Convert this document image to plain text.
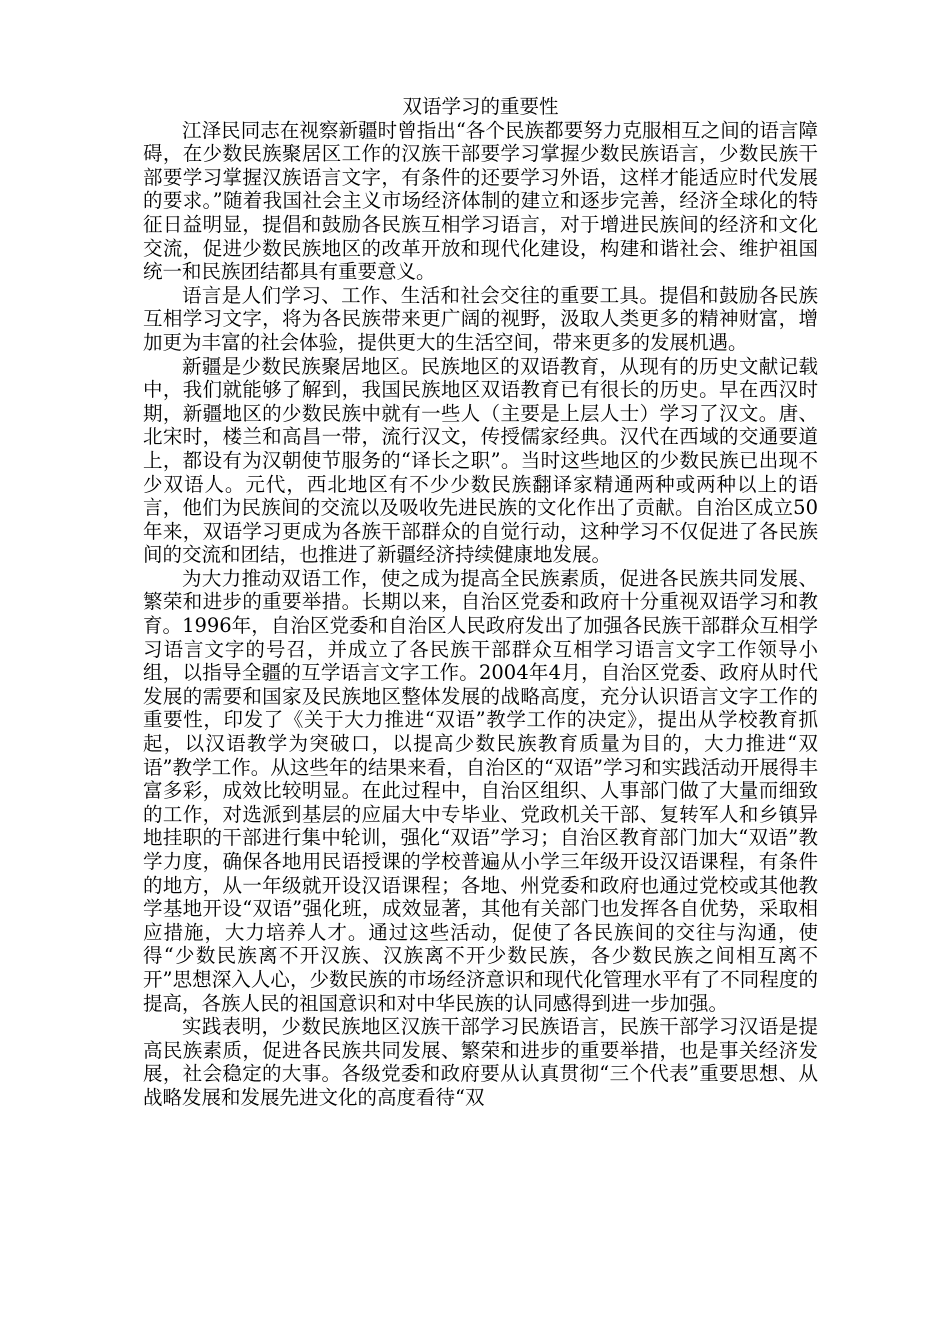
双语学习的重要性

江泽民同志在视察新疆时曾指出“各个民族都要努力克服相互之间的语言障碍，在少数民族聚居区工作的汉族干部要学习掌握少数民族语言，少数民族干部要学习掌握汉族语言文字，有条件的还要学习外语，这样才能适应时代发展的要求。”随着我国社会主义市场经济体制的建立和逐步完善，经济全球化的特征日益明显，提倡和鼓励各民族互相学习语言，对于增进民族间的经济和文化交流，促进少数民族地区的改革开放和现代化建设，构建和谐社会、维护祖国统一和民族团结都具有重要意义。

语言是人们学习、工作、生活和社会交往的重要工具。提倡和鼓励各民族互相学习文字，将为各民族带来更广阔的视野，汲取人类更多的精神财富，增加更为丰富的社会体验，提供更大的生活空间，带来更多的发展机遇。

新疆是少数民族聚居地区。民族地区的双语教育，从现有的历史文献记载中，我们就能够了解到，我国民族地区双语教育已有很长的历史。早在西汉时期，新疆地区的少数民族中就有一些人（主要是上层人士）学习了汉文。唐、北宋时，楼兰和高昌一带，流行汉文，传授儒家经典。汉代在西域的交通要道上，都设有为汉朝使节服务的“译长之职”。当时这些地区的少数民族已出现不少双语人。元代，西北地区有不少少数民族翻译家精通两种或两种以上的语言，他们为民族间的交流以及吸收先进民族的文化作出了贡献。自治区成立50年来，双语学习更成为各族干部群众的自觉行动，这种学习不仅促进了各民族间的交流和团结，也推进了新疆经济持续健康地发展。

为大力推动双语工作，使之成为提高全民族素质，促进各民族共同发展、繁荣和进步的重要举措。长期以来，自治区党委和政府十分重视双语学习和教育。1996年，自治区党委和自治区人民政府发出了加强各民族干部群众互相学习语言文字的号召，并成立了各民族干部群众互相学习语言文字工作领导小组，以指导全疆的互学语言文字工作。2004年4月，自治区党委、政府从时代发展的需要和国家及民族地区整体发展的战略高度，充分认识语言文字工作的重要性，印发了《关于大力推进“双语”教学工作的决定》，提出从学校教育抓起，以汉语教学为突破口，以提高少数民族教育质量为目的，大力推进“双语”教学工作。从这些年的结果来看，自治区的“双语”学习和实践活动开展得丰富多彩，成效比较明显。在此过程中，自治区组织、人事部门做了大量而细致的工作，对选派到基层的应届大中专毕业、党政机关干部、复转军人和乡镇异地挂职的干部进行集中轮训，强化“双语”学习；自治区教育部门加大“双语”教学力度，确保各地用民语授课的学校普遍从小学三年级开设汉语课程，有条件的地方，从一年级就开设汉语课程；各地、州党委和政府也通过党校或其他教学基地开设“双语”强化班，成效显著，其他有关部门也发挥各自优势，采取相应措施，大力培养人才。通过这些活动，促使了各民族间的交往与沟通，使得“少数民族离不开汉族、汉族离不开少数民族，各少数民族之间相互离不开”思想深入人心，少数民族的市场经济意识和现代化管理水平有了不同程度的提高，各族人民的祖国意识和对中华民族的认同感得到进一步加强。

实践表明，少数民族地区汉族干部学习民族语言，民族干部学习汉语是提高民族素质，促进各民族共同发展、繁荣和进步的重要举措，也是事关经济发展，社会稳定的大事。各级党委和政府要从认真贯彻“三个代表”重要思想、从战略发展和发展先进文化的高度看待“双
